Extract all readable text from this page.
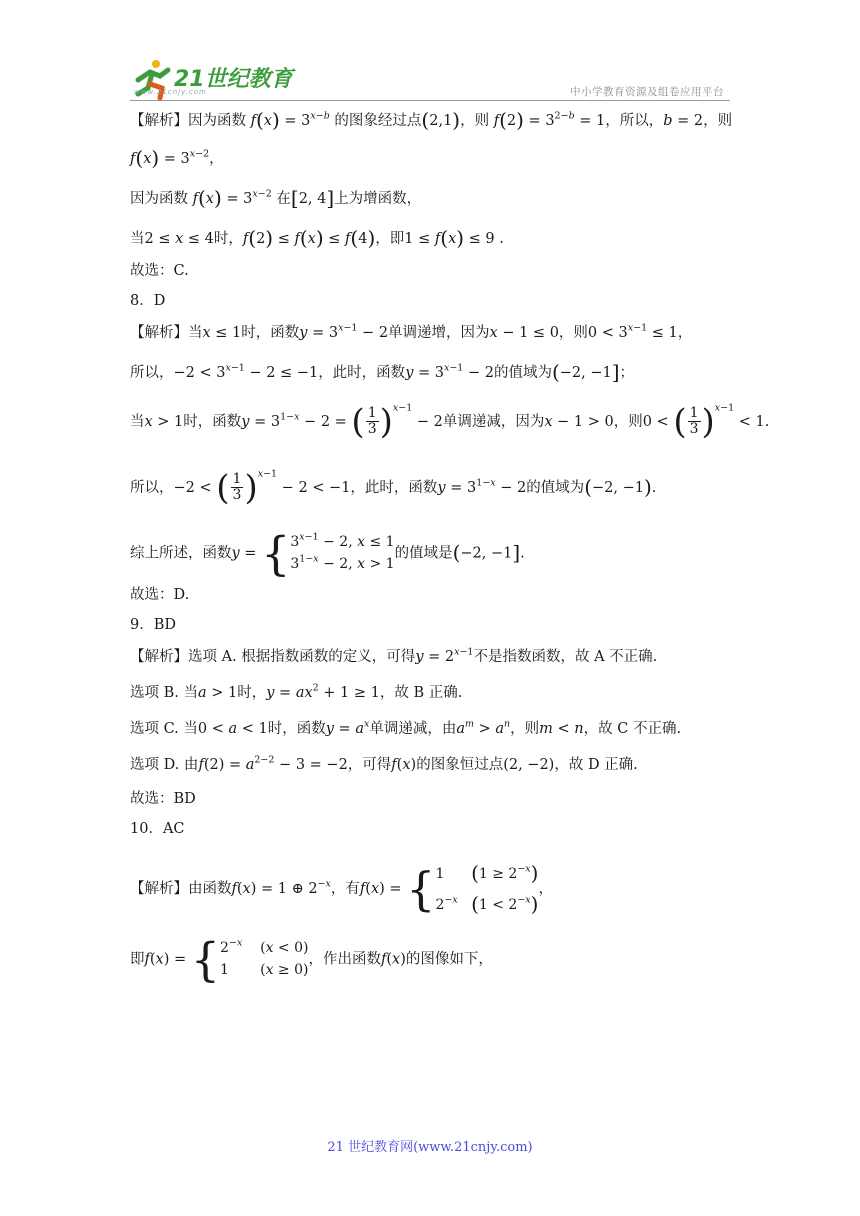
21世纪教育
www.21cnjy.com	中小学教育资源及组卷应用平台
【解析】因为函数 $f(x) = 3^{x-b}$ 的图象经过点(2,1)，则 $f(2) = 3^{2-b} = 1$，所以，b = 2，则
$f(x) = 3^{x-2}$，
因为函数 $f(x) = 3^{x-2}$ 在[2, 4]上为增函数，
当2 ≤ x ≤ 4时，f(2) ≤ f(x) ≤ f(4)，即1 ≤ f(x) ≤ 9 .
故选：C.
8．D
【解析】当x ≤ 1时，函数$y = 3^{x-1} - 2$单调递增，因为x − 1 ≤ 0，则$0 < 3^{x-1} \le 1$，
所以，$-2 < 3^{x-1} - 2 \le -1$，此时，函数$y = 3^{x-1} - 2$的值域为(−2, −1]；
当x > 1时，函数$y = 3^{1-x} - 2$ = ( $\frac{1}{3} )^{x-1} - 2$单调递减，因为x − 1 > 0，则0 < ( $\frac{1}{3} )^{x-1} < 1$.
所以，−2 < ( $\frac{1}{3} )^{x-1} - 2 < -1$，此时，函数$y = 3^{1-x} - 2$的值域为(−2, −1).
综上所述，函数y = { $3^{x-1} - 2$, x ≤ 1
$3^{1-x} - 2$, x > 1
的值域是(−2, −1].
故选：D.
9．BD
【解析】选项 A. 根据指数函数的定义，可得$y = 2^{x-1}$不是指数函数，故 A 不正确.
选项 B. 当a > 1时，$y = ax^2 + 1 \ge 1$，故 B 正确.
选项 C. 当0 < a < 1时，函数$y = a^x$单调递减，由$a^m > a^n$，则m < n，故 C 不正确.
选项 D. 由$f(2) = a^{2-2} - 3 = -2$，可得f(x)的图象恒过点(2, −2)，故 D 正确.
故选：BD
10．AC
【解析】由函数f(x) = 1 ⊕ $2^{-x}$，有f(x) = { 1      $(1 \ge 2^{-x})$
$2^{-x}$ $(1 < 2^{-x})$
，
即f(x) = { $2^{-x}$    (x < 0)
1       (x ≥ 0)
，作出函数f(x)的图像如下，
21 世纪教育网(www.21cnjy.com)
